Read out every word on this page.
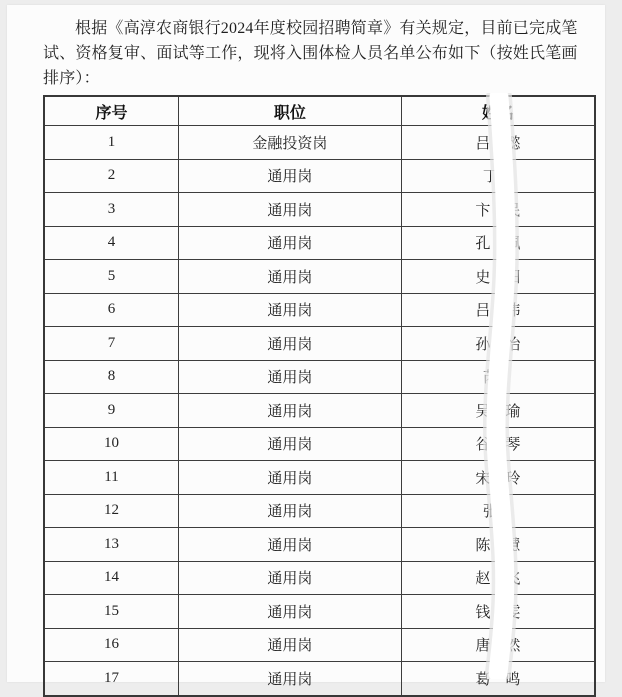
根据《高淳农商银行2024年度校园招聘简章》有关规定，目前已完成笔试、资格复审、面试等工作，现将入围体检人员名单公布如下（按姓氏笔画排序）：

序号	职位	姓名
1	金融投资岗	吕　 懿
2	通用岗	丁　
3	通用岗	卞　 民
4	通用岗	孔　 佩
5	通用岗	史　 阳
6	通用岗	吕　 伟
7	通用岗	孙　 怡
8	通用岗	芮　
9	通用岗	吴　 瑜
10	通用岗	谷　 琴
11	通用岗	宋　 玲
12	通用岗	张　
13	通用岗	陈　 慧
14	通用岗	赵　 飞
15	通用岗	钱　 雯
16	通用岗	唐　 然
17	通用岗	葛　 鸣
